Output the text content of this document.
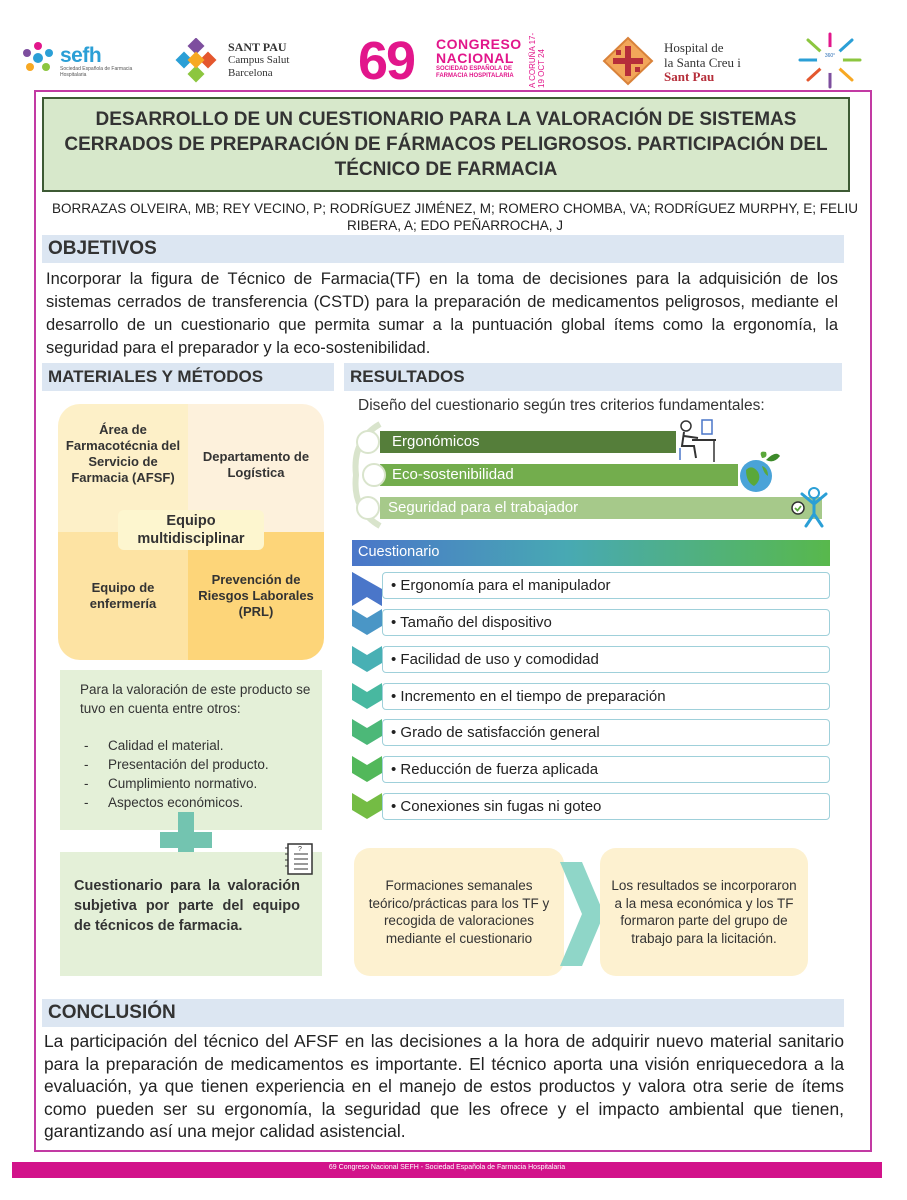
sefh
Sociedad Española de Farmacia Hospitalaria
SANT PAU
Campus Salut
Barcelona 69 CONGRESO
NACIONAL
SOCIEDAD ESPAÑOLA DE FARMACIA HOSPITALARIA	A CORUÑA 17-19 OCT 24
Hospital de
la Santa Creu i
Sant Pau
360°
DESARROLLO DE UN CUESTIONARIO PARA LA VALORACIÓN DE SISTEMAS CERRADOS DE PREPARACIÓN DE FÁRMACOS PELIGROSOS. PARTICIPACIÓN DEL TÉCNICO DE FARMACIA
BORRAZAS OLVEIRA, MB; REY VECINO, P; RODRÍGUEZ JIMÉNEZ, M; ROMERO CHOMBA, VA; RODRÍGUEZ MURPHY, E; FELIU RIBERA, A; EDO PEÑARROCHA, J
OBJETIVOS
Incorporar la figura de Técnico de Farmacia(TF) en la toma de decisiones para la adquisición de los sistemas cerrados de transferencia (CSTD) para la preparación de medicamentos peligrosos, mediante el desarrollo de un cuestionario que permita sumar a la puntuación global ítems como la ergonomía, la seguridad para el preparador y la eco-sostenibilidad.
MATERIALES Y MÉTODOS
Área de Farmacotécnia del Servicio de Farmacia (AFSF)
Departamento de Logística
Equipo de enfermería
Prevención de Riesgos Laborales (PRL)
Equipo multidisciplinar
Para la valoración de este producto se tuvo en cuenta entre otros:
- Calidad el material.
- Presentación del producto.
- Cumplimiento normativo.
- Aspectos económicos.
Cuestionario para la valoración subjetiva por parte del equipo de técnicos de farmacia.
?
RESULTADOS
Diseño del cuestionario según tres criterios fundamentales:
Ergonómicos
Eco-sostenibilidad
Seguridad para el trabajador
Cuestionario
• Ergonomía para el manipulador
• Tamaño del dispositivo
• Facilidad de uso y comodidad
• Incremento en el tiempo de preparación
• Grado de satisfacción general
• Reducción de fuerza aplicada
• Conexiones sin fugas ni goteo
Formaciones semanales teórico/prácticas para los TF y recogida de valoraciones mediante el cuestionario
Los resultados se incorporaron a la mesa económica y los TF formaron parte del grupo de trabajo para la licitación.
CONCLUSIÓN
La participación del técnico del AFSF en las decisiones a la hora de adquirir nuevo material sanitario para la preparación de medicamentos es importante. El técnico aporta una visión enriquecedora a la evaluación, ya que tienen experiencia en el manejo de estos productos y valora otra serie de ítems como pueden ser su ergonomía, la seguridad que les ofrece y el impacto ambiental que tienen, garantizando así una mejor calidad asistencial.
69 Congreso Nacional SEFH - Sociedad Española de Farmacia Hospitalaria
